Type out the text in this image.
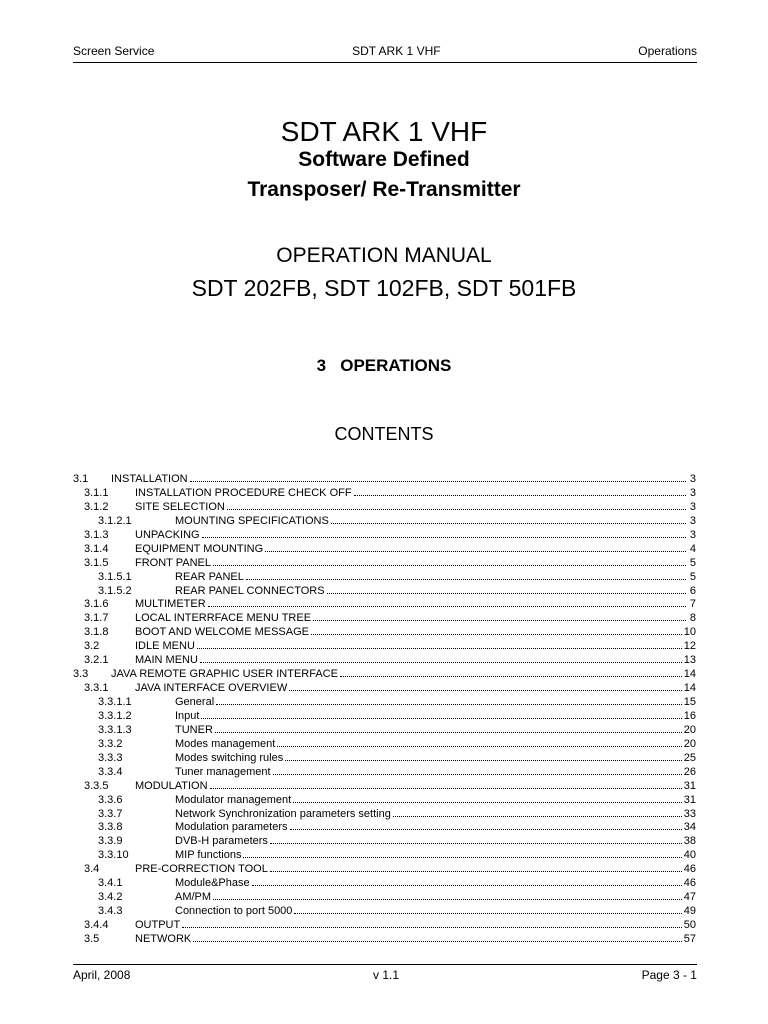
Screen Service	SDT ARK 1 VHF	Operations
SDT ARK 1 VHF
Software Defined
Transposer/ Re-Transmitter
OPERATION MANUAL
SDT 202FB, SDT 102FB, SDT 501FB
3   OPERATIONS
CONTENTS
3.1	INSTALLATION	3
3.1.1	INSTALLATION PROCEDURE CHECK OFF	3
3.1.2	SITE SELECTION	3
3.1.2.1	MOUNTING SPECIFICATIONS	3
3.1.3	UNPACKING	3
3.1.4	EQUIPMENT MOUNTING	4
3.1.5	FRONT PANEL	5
3.1.5.1	REAR PANEL	5
3.1.5.2	REAR PANEL CONNECTORS	6
3.1.6	MULTIMETER	7
3.1.7	LOCAL INTERRFACE MENU TREE	8
3.1.8	BOOT AND WELCOME MESSAGE	10
3.2	IDLE MENU	12
3.2.1	MAIN MENU	13
3.3	JAVA REMOTE GRAPHIC USER INTERFACE	14
3.3.1	JAVA INTERFACE OVERVIEW	14
3.3.1.1	General	15
3.3.1.2	Input	16
3.3.1.3	TUNER	20
3.3.2	Modes management	20
3.3.3	Modes switching rules	25
3.3.4	Tuner management	26
3.3.5	MODULATION	31
3.3.6	Modulator management	31
3.3.7	Network Synchronization parameters setting	33
3.3.8	Modulation parameters	34
3.3.9	DVB-H parameters	38
3.3.10	MIP functions	40
3.4	PRE-CORRECTION TOOL	46
3.4.1	Module&Phase	46
3.4.2	AM/PM	47
3.4.3	Connection to port 5000	49
3.4.4	OUTPUT	50
3.5	NETWORK	57
April, 2008	v 1.1	Page 3 - 1
